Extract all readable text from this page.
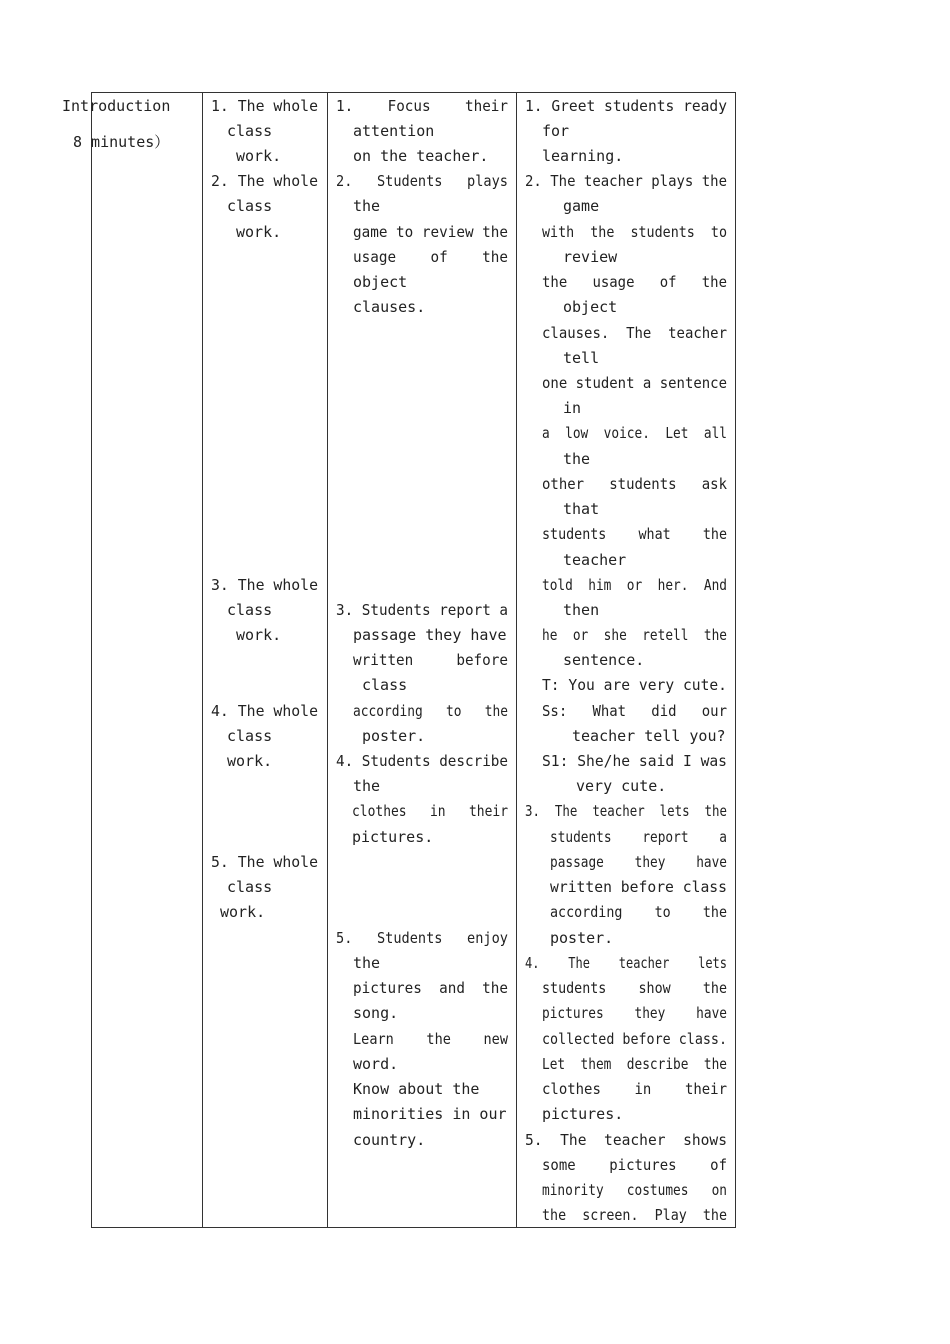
Introduction
8 minutes）
1. The whole
class
work.
2. The whole
class
work.
3. The whole
class
work.
4. The whole
class
work.
5. The whole
class
work.
1.    Focus    their
attention
on the teacher.
2.   Students   plays
the
game to review the
usage    of    the
object
clauses.
3. Students report a
passage they have
written     before
class
according   to   the
poster.
4. Students describe
the
clothes   in   their
pictures.
5.   Students   enjoy
the
pictures  and  the
song.
Learn    the    new
word.
Know about the
minorities in our
country.
1. Greet students ready
for
learning.
2. The teacher plays the
game
with  the  students  to
review
the   usage   of   the
object
clauses.  The  teacher
tell
one student a sentence
in
a  low  voice.  Let  all
the
other   students   ask
that
students    what    the
teacher
told  him  or  her.  And
then
he  or  she  retell  the
sentence.
T: You are very cute.
Ss:   What   did   our
teacher tell you?
S1: She/he said I was
very cute.
3.  The  teacher  lets  the
students    report    a
passage    they    have
written before class
according    to    the
poster.
4.    The    teacher    lets
students    show    the
pictures    they    have
collected before class.
Let  them  describe  the
clothes    in    their
pictures.
5.  The  teacher  shows
some    pictures    of
minority   costumes   on
the  screen.  Play  the
